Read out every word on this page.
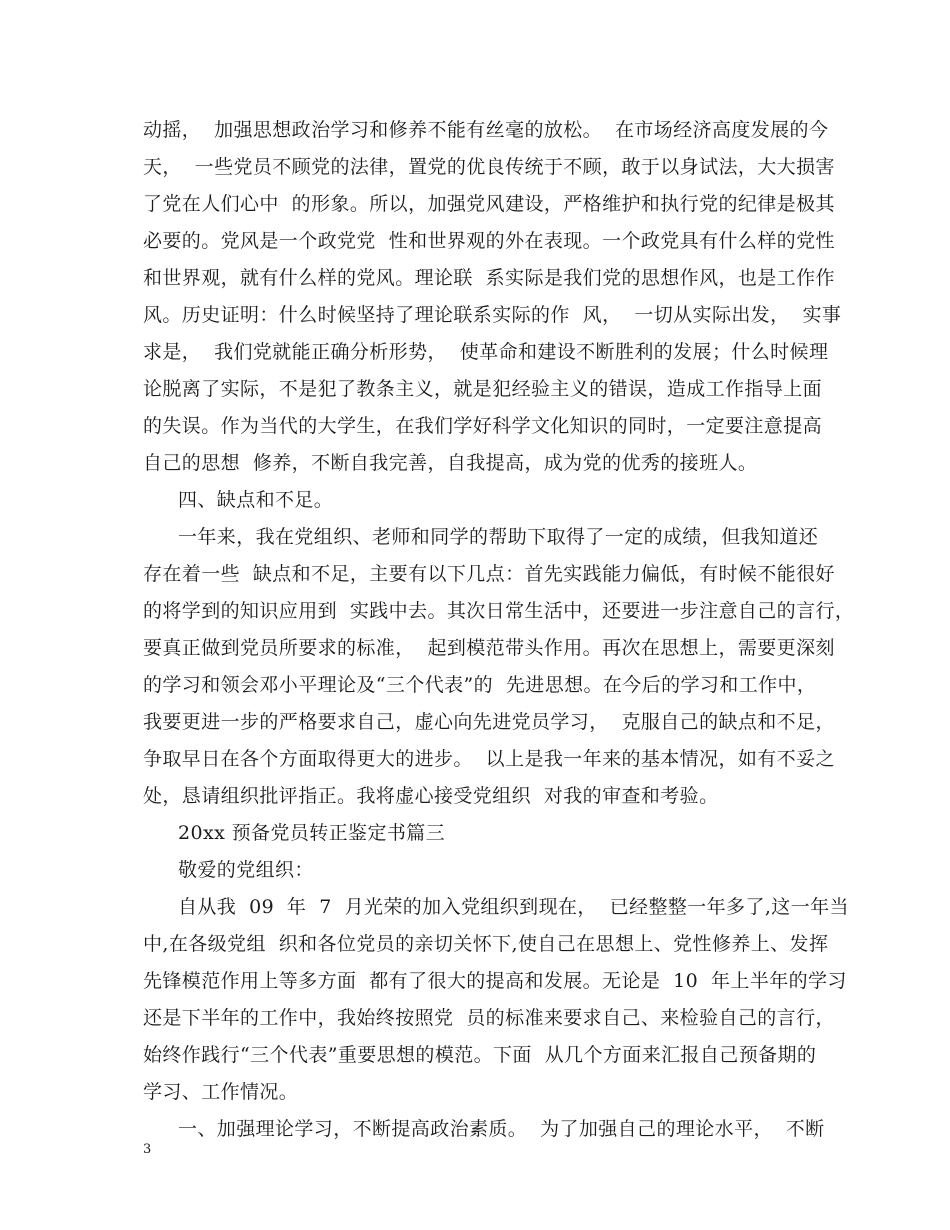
动摇，  加强思想政治学习和修养不能有丝毫的放松。  在市场经济高度发展的今
天，  一些党员不顾党的法律，置党的优良传统于不顾，敢于以身试法，大大损害
了党在人们心中  的形象。所以，加强党风建设，严格维护和执行党的纪律是极其
必要的。党风是一个政党党  性和世界观的外在表现。一个政党具有什么样的党性
和世界观，就有什么样的党风。理论联  系实际是我们党的思想作风，也是工作作
风。历史证明：什么时候坚持了理论联系实际的作  风，  一切从实际出发，  实事
求是，  我们党就能正确分析形势，  使革命和建设不断胜利的发展；什么时候理
论脱离了实际，不是犯了教条主义，就是犯经验主义的错误，造成工作指导上面
的失误。作为当代的大学生，在我们学好科学文化知识的同时，一定要注意提高
自己的思想  修养，不断自我完善，自我提高，成为党的优秀的接班人。
四、缺点和不足。
一年来，我在党组织、老师和同学的帮助下取得了一定的成绩，但我知道还
存在着一些  缺点和不足，主要有以下几点：首先实践能力偏低，有时候不能很好
的将学到的知识应用到  实践中去。其次日常生活中，还要进一步注意自己的言行，
要真正做到党员所要求的标准，  起到模范带头作用。再次在思想上，需要更深刻
的学习和领会邓小平理论及“三个代表”的  先进思想。在今后的学习和工作中，
我要更进一步的严格要求自己，虚心向先进党员学习，  克服自己的缺点和不足，
争取早日在各个方面取得更大的进步。  以上是我一年来的基本情况，如有不妥之
处，恳请组织批评指正。我将虚心接受党组织  对我的审查和考验。
20xx 预备党员转正鉴定书篇三
敬爱的党组织：
自从我  09  年  7  月光荣的加入党组织到现在，  已经整整一年多了,这一年当
中,在各级党组  织和各位党员的亲切关怀下,使自己在思想上、党性修养上、发挥
先锋模范作用上等多方面  都有了很大的提高和发展。无论是  10  年上半年的学习
还是下半年的工作中，我始终按照党  员的标准来要求自己、来检验自己的言行，
始终作践行“三个代表”重要思想的模范。下面  从几个方面来汇报自己预备期的
学习、工作情况。
一、加强理论学习，不断提高政治素质。  为了加强自己的理论水平，  不断
3
